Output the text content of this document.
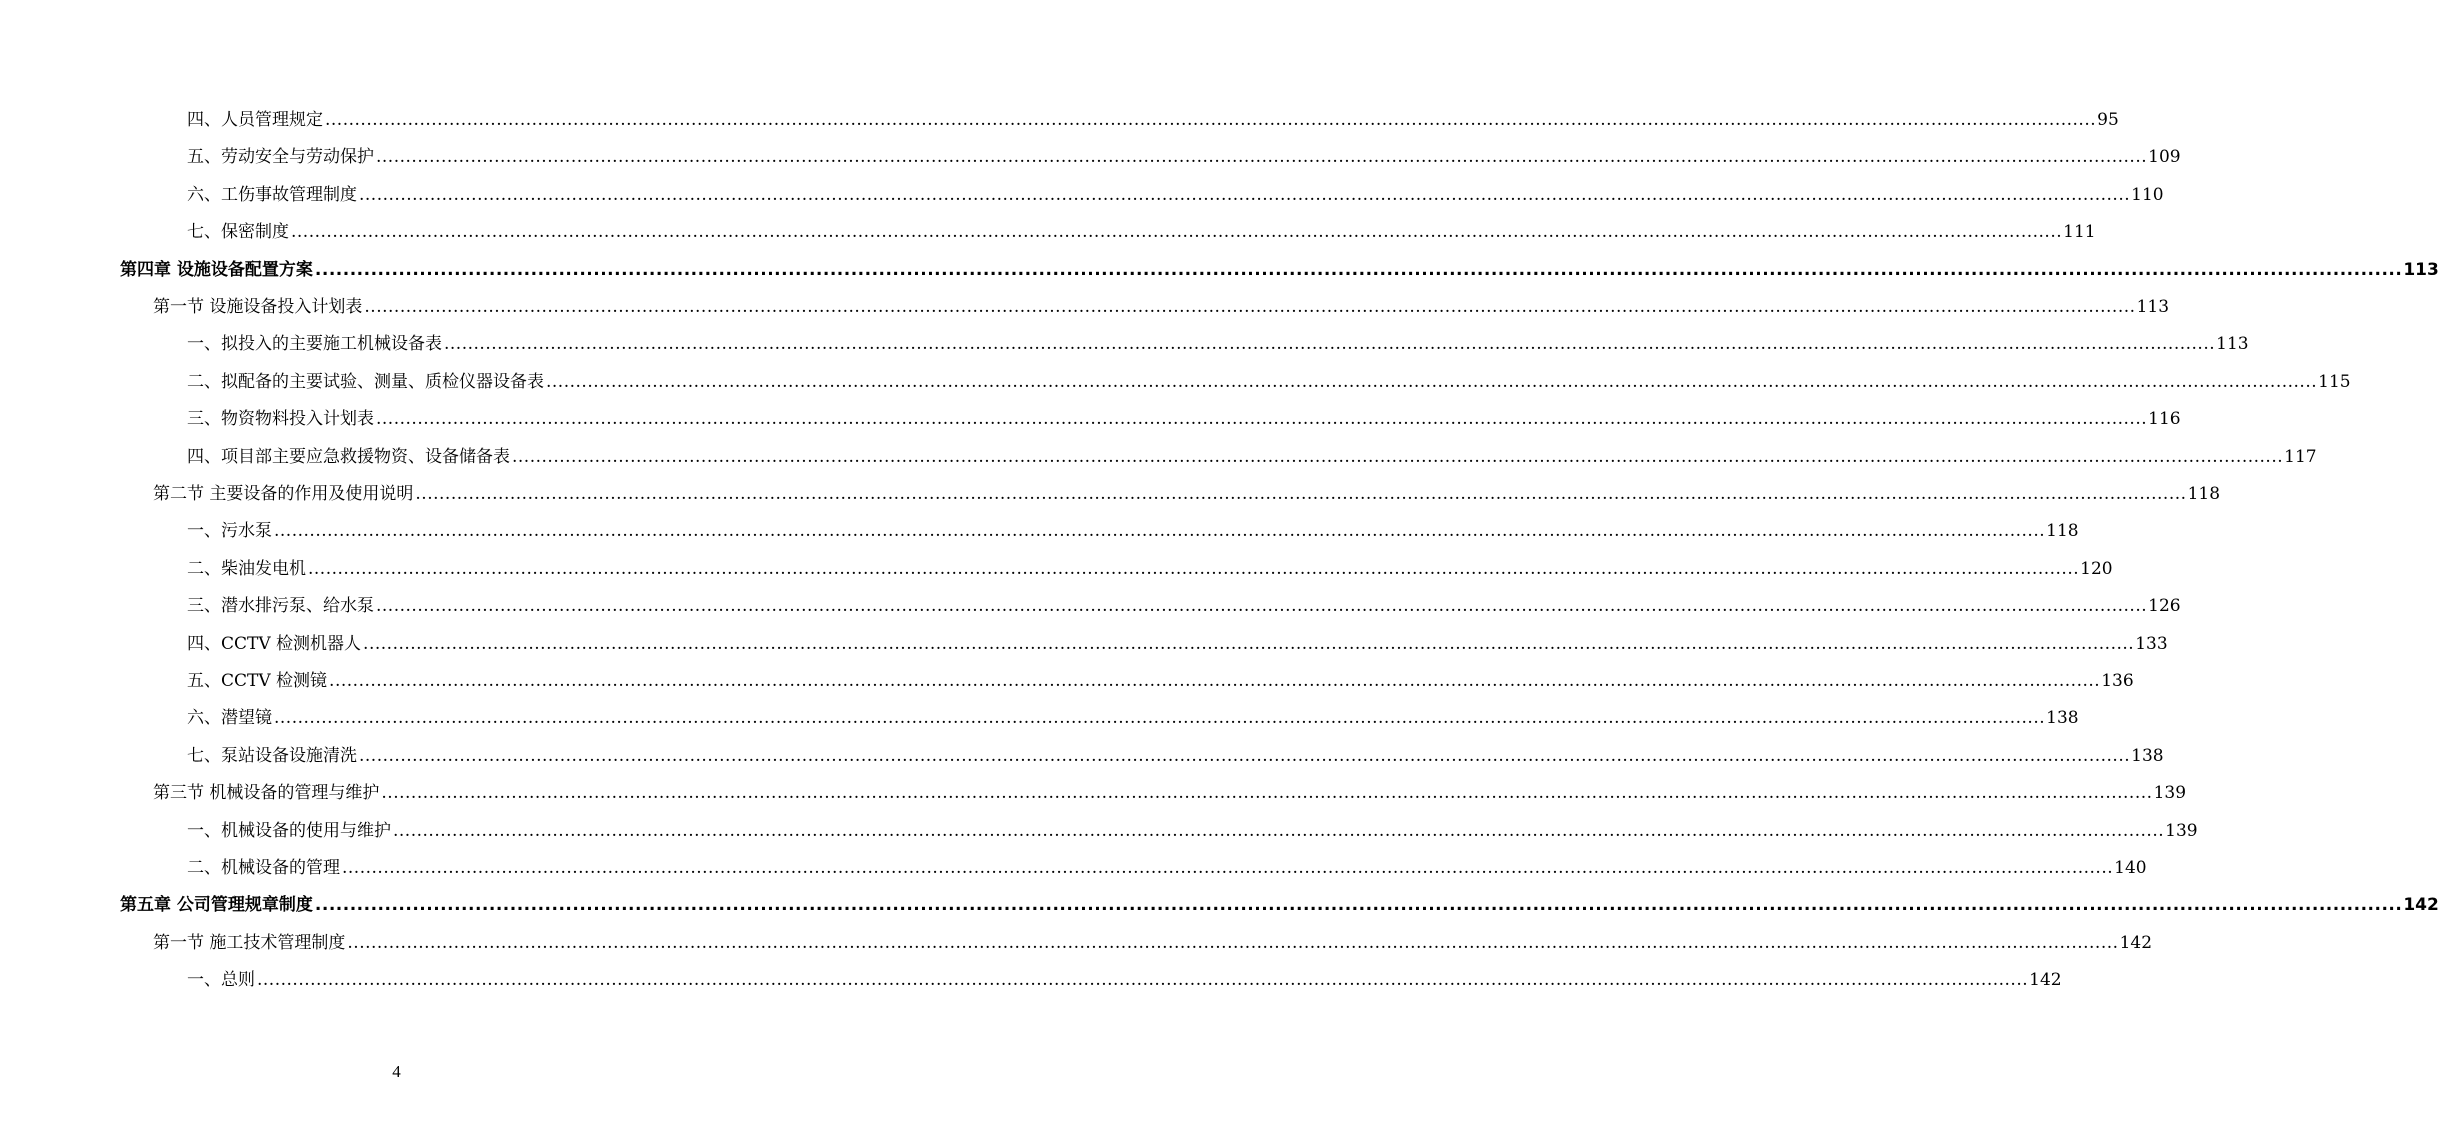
四、人员管理规定 ............................................................................................................................................................................................................................................................................................................ 95
五、劳动安全与劳动保护 ............................................................................................................................................................................................................................................................................................................ 109
六、工伤事故管理制度 ............................................................................................................................................................................................................................................................................................................ 110
七、保密制度 ............................................................................................................................................................................................................................................................................................................ 111
第四章 设施设备配置方案 ............................................................................................................................................................................................................................................................................................................ 113
第一节 设施设备投入计划表 ............................................................................................................................................................................................................................................................................................................ 113
一、拟投入的主要施工机械设备表 ............................................................................................................................................................................................................................................................................................................ 113
二、拟配备的主要试验、测量、质检仪器设备表 ............................................................................................................................................................................................................................................................................................................ 115
三、物资物料投入计划表 ............................................................................................................................................................................................................................................................................................................ 116
四、项目部主要应急救援物资、设备储备表 ............................................................................................................................................................................................................................................................................................................ 117
第二节 主要设备的作用及使用说明 ............................................................................................................................................................................................................................................................................................................ 118
一、污水泵 ............................................................................................................................................................................................................................................................................................................ 118
二、柴油发电机 ............................................................................................................................................................................................................................................................................................................ 120
三、潜水排污泵、给水泵 ............................................................................................................................................................................................................................................................................................................ 126
四、CCTV 检测机器人 ............................................................................................................................................................................................................................................................................................................ 133
五、CCTV 检测镜 ............................................................................................................................................................................................................................................................................................................ 136
六、潜望镜 ............................................................................................................................................................................................................................................................................................................ 138
七、泵站设备设施清洗 ............................................................................................................................................................................................................................................................................................................ 138
第三节 机械设备的管理与维护 ............................................................................................................................................................................................................................................................................................................ 139
一、机械设备的使用与维护 ............................................................................................................................................................................................................................................................................................................ 139
二、机械设备的管理 ............................................................................................................................................................................................................................................................................................................ 140
第五章 公司管理规章制度 ............................................................................................................................................................................................................................................................................................................ 142
第一节 施工技术管理制度 ............................................................................................................................................................................................................................................................................................................ 142
一、总则 ............................................................................................................................................................................................................................................................................................................ 142
4
